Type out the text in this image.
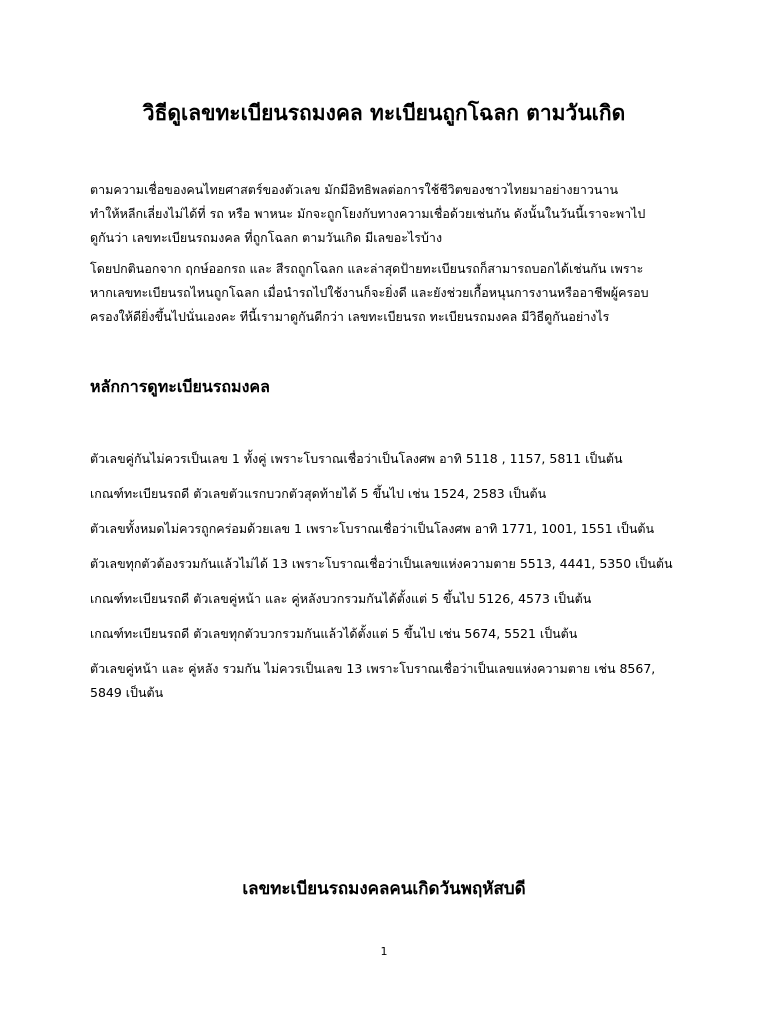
วิธีดูเลขทะเบียนรถมงคล ทะเบียนถูกโฉลก ตามวันเกิด

ตามความเชื่อของคนไทยศาสตร์ของตัวเลข มักมีอิทธิพลต่อการใช้ชีวิตของชาวไทยมาอย่างยาวนาน
ทำให้หลีกเลี่ยงไม่ได้ที่ รถ หรือ พาหนะ มักจะถูกโยงกับทางความเชื่อด้วยเช่นกัน ดังนั้นในวันนี้เราจะพาไป
ดูกันว่า เลขทะเบียนรถมงคล ที่ถูกโฉลก ตามวันเกิด มีเลขอะไรบ้าง

โดยปกตินอกจาก ฤกษ์ออกรถ และ สีรถถูกโฉลก และล่าสุดป้ายทะเบียนรถก็สามารถบอกได้เช่นกัน เพราะ
หากเลขทะเบียนรถไหนถูกโฉลก เมื่อนำรถไปใช้งานก็จะยิ่งดี และยังช่วยเกื้อหนุนการงานหรืออาชีพผู้ครอบ
ครองให้ดียิ่งขึ้นไปนั่นเองคะ ทีนี้เรามาดูกันดีกว่า เลขทะเบียนรถ ทะเบียนรถมงคล มีวิธีดูกันอย่างไร

หลักการดูทะเบียนรถมงคล

ตัวเลขคู่กันไม่ควรเป็นเลข 1 ทั้งคู่ เพราะโบราณเชื่อว่าเป็นโลงศพ อาทิ 5118 , 1157, 5811 เป็นต้น

เกณฑ์ทะเบียนรถดี ตัวเลขตัวแรกบวกตัวสุดท้ายได้ 5 ขึ้นไป เช่น 1524, 2583 เป็นต้น

ตัวเลขทั้งหมดไม่ควรถูกคร่อมด้วยเลข 1 เพราะโบราณเชื่อว่าเป็นโลงศพ อาทิ 1771, 1001, 1551 เป็นต้น

ตัวเลขทุกตัวต้องรวมกันแล้วไม่ได้ 13 เพราะโบราณเชื่อว่าเป็นเลขแห่งความตาย 5513, 4441, 5350 เป็นต้น

เกณฑ์ทะเบียนรถดี ตัวเลขคู่หน้า และ คู่หลังบวกรวมกันได้ตั้งแต่ 5 ขึ้นไป 5126, 4573 เป็นต้น

เกณฑ์ทะเบียนรถดี ตัวเลขทุกตัวบวกรวมกันแล้วได้ตั้งแต่ 5 ขึ้นไป เช่น 5674, 5521 เป็นต้น

ตัวเลขคู่หน้า และ คู่หลัง รวมกัน ไม่ควรเป็นเลข 13 เพราะโบราณเชื่อว่าเป็นเลขแห่งความตาย เช่น 8567,
5849 เป็นต้น

เลขทะเบียนรถมงคลคนเกิดวันพฤหัสบดี
1
